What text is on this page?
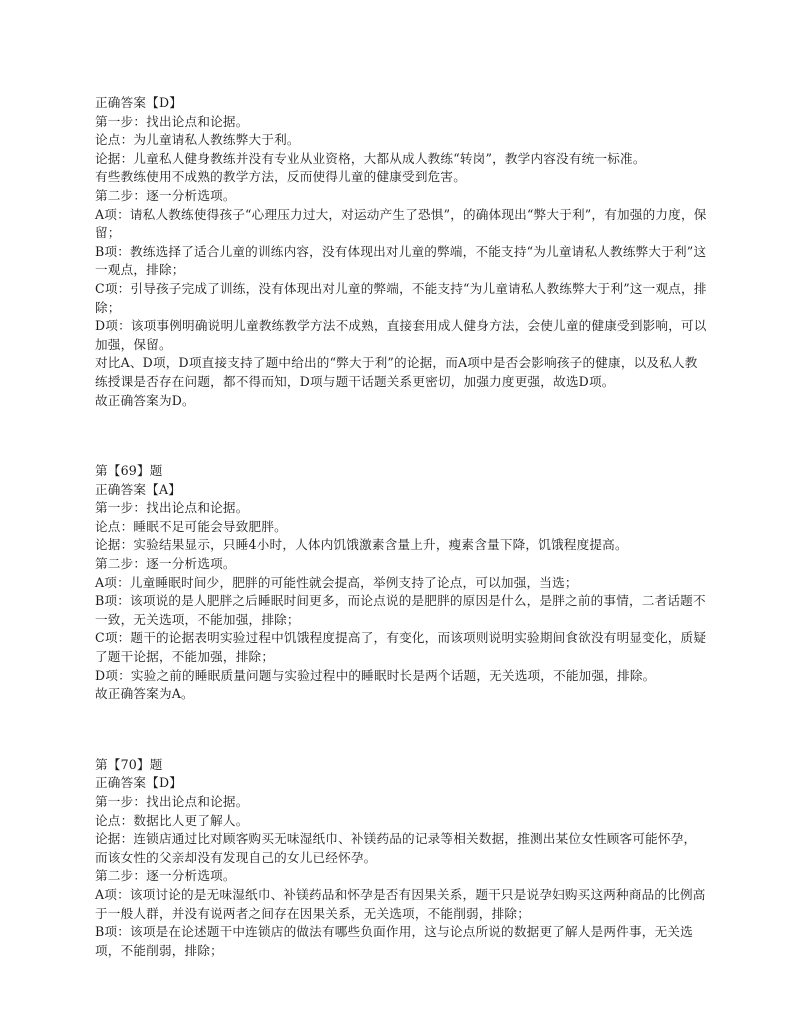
正确答案【D】

第一步：找出论点和论据。

论点：为儿童请私人教练弊大于利。

论据：儿童私人健身教练并没有专业从业资格，大都从成人教练“转岗”，教学内容没有统一标准。

有些教练使用不成熟的教学方法，反而使得儿童的健康受到危害。

第二步：逐一分析选项。

A项：请私人教练使得孩子“心理压力过大，对运动产生了恐惧”，的确体现出“弊大于利”，有加强的力度，保留；

B项：教练选择了适合儿童的训练内容，没有体现出对儿童的弊端，不能支持“为儿童请私人教练弊大于利”这一观点，排除；

C项：引导孩子完成了训练，没有体现出对儿童的弊端，不能支持“为儿童请私人教练弊大于利”这一观点，排除；

D项：该项事例明确说明儿童教练教学方法不成熟，直接套用成人健身方法，会使儿童的健康受到影响，可以加强，保留。

对比A、D项，D项直接支持了题中给出的“弊大于利”的论据，而A项中是否会影响孩子的健康，以及私人教练授课是否存在问题，都不得而知，D项与题干话题关系更密切，加强力度更强，故选D项。

故正确答案为D。

第【69】题

正确答案【A】

第一步：找出论点和论据。

论点：睡眠不足可能会导致肥胖。

论据：实验结果显示，只睡4小时，人体内饥饿激素含量上升，瘦素含量下降，饥饿程度提高。

第二步：逐一分析选项。

A项：儿童睡眠时间少，肥胖的可能性就会提高，举例支持了论点，可以加强，当选；

B项：该项说的是人肥胖之后睡眠时间更多，而论点说的是肥胖的原因是什么，是胖之前的事情，二者话题不一致，无关选项，不能加强，排除；

C项：题干的论据表明实验过程中饥饿程度提高了，有变化，而该项则说明实验期间食欲没有明显变化，质疑了题干论据，不能加强，排除；

D项：实验之前的睡眠质量问题与实验过程中的睡眠时长是两个话题，无关选项，不能加强，排除。

故正确答案为A。

第【70】题

正确答案【D】

第一步：找出论点和论据。

论点：数据比人更了解人。

论据：连锁店通过比对顾客购买无味湿纸巾、补镁药品的记录等相关数据，推测出某位女性顾客可能怀孕，而该女性的父亲却没有发现自己的女儿已经怀孕。

第二步：逐一分析选项。

A项：该项讨论的是无味湿纸巾、补镁药品和怀孕是否有因果关系，题干只是说孕妇购买这两种商品的比例高于一般人群，并没有说两者之间存在因果关系，无关选项，不能削弱，排除；

B项：该项是在论述题干中连锁店的做法有哪些负面作用，这与论点所说的数据更了解人是两件事，无关选项，不能削弱，排除；
